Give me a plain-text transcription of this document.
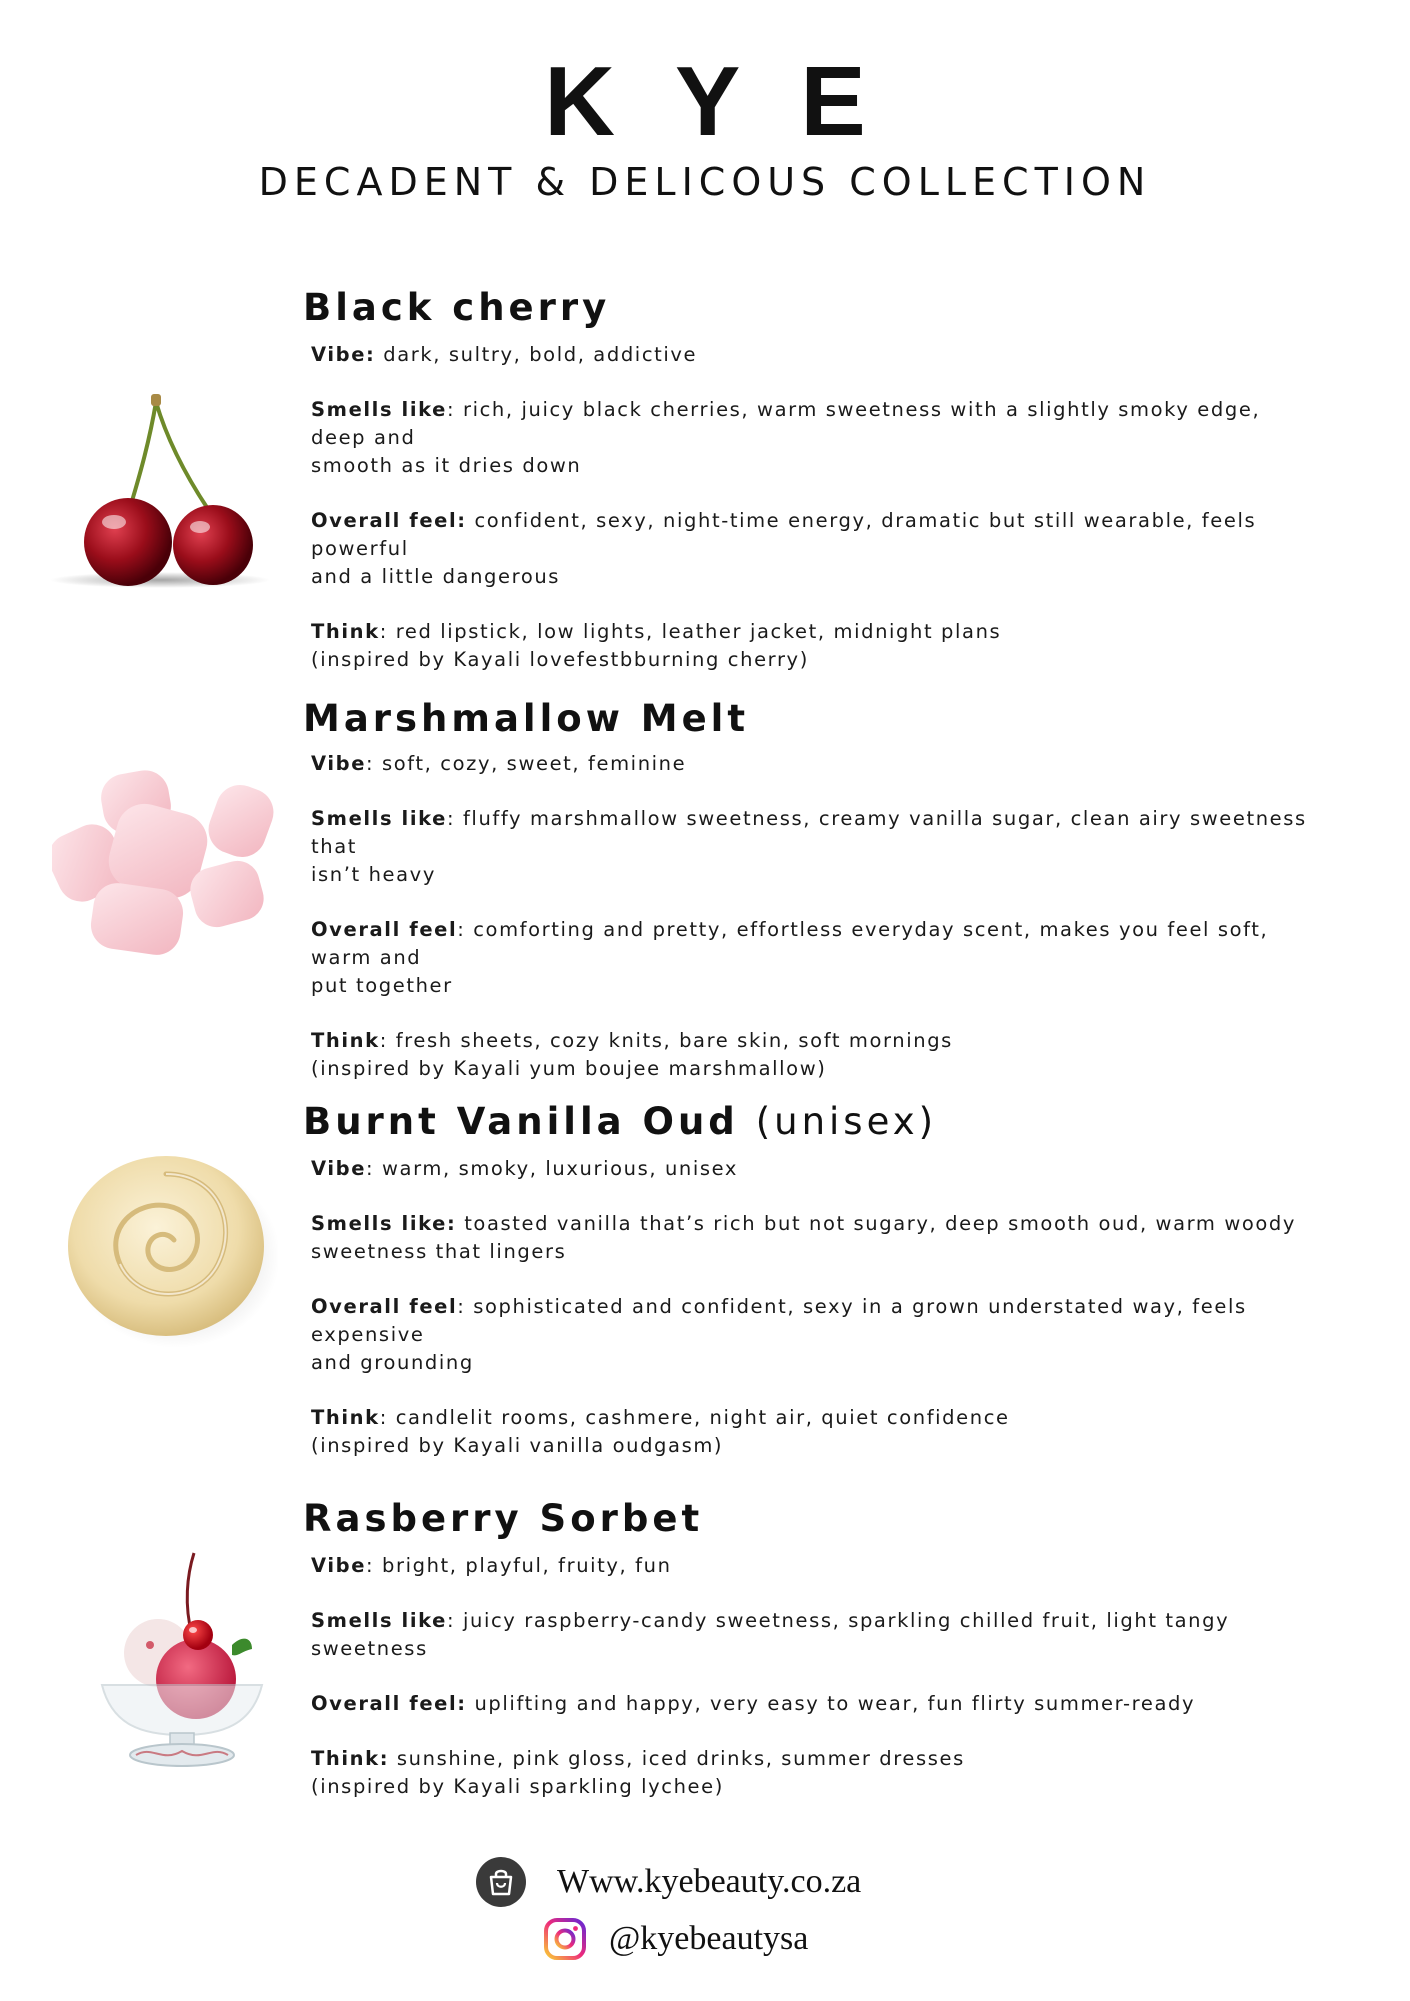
KYE
DECADENT & DELICOUS COLLECTION
Black cherry

Vibe: dark, sultry, bold, addictive

Smells like: rich, juicy black cherries, warm sweetness with a slightly smoky edge, deep and

smooth as it dries down

Overall feel: confident, sexy, night-time energy, dramatic but still wearable, feels powerful

and a little dangerous

Think: red lipstick, low lights, leather jacket, midnight plans

(inspired by Kayali lovefestbburning cherry)

Marshmallow Melt

Vibe: soft, cozy, sweet, feminine

Smells like: fluffy marshmallow sweetness, creamy vanilla sugar, clean airy sweetness that

isn’t heavy

Overall feel: comforting and pretty, effortless everyday scent, makes you feel soft, warm and

put together

Think: fresh sheets, cozy knits, bare skin, soft mornings

(inspired by Kayali yum boujee marshmallow)

Burnt Vanilla Oud (unisex)

Vibe: warm, smoky, luxurious, unisex

Smells like: toasted vanilla that’s rich but not sugary, deep smooth oud, warm woody

sweetness that lingers

Overall feel: sophisticated and confident, sexy in a grown understated way, feels expensive

and grounding

Think: candlelit rooms, cashmere, night air, quiet confidence

(inspired by Kayali vanilla oudgasm)

Rasberry Sorbet

Vibe: bright, playful, fruity, fun

Smells like: juicy raspberry-candy sweetness, sparkling chilled fruit, light tangy sweetness

Overall feel: uplifting and happy, very easy to wear, fun flirty summer-ready

Think: sunshine, pink gloss, iced drinks, summer dresses

(inspired by Kayali sparkling lychee)

Www.kyebeauty.co.za
@kyebeautysa
